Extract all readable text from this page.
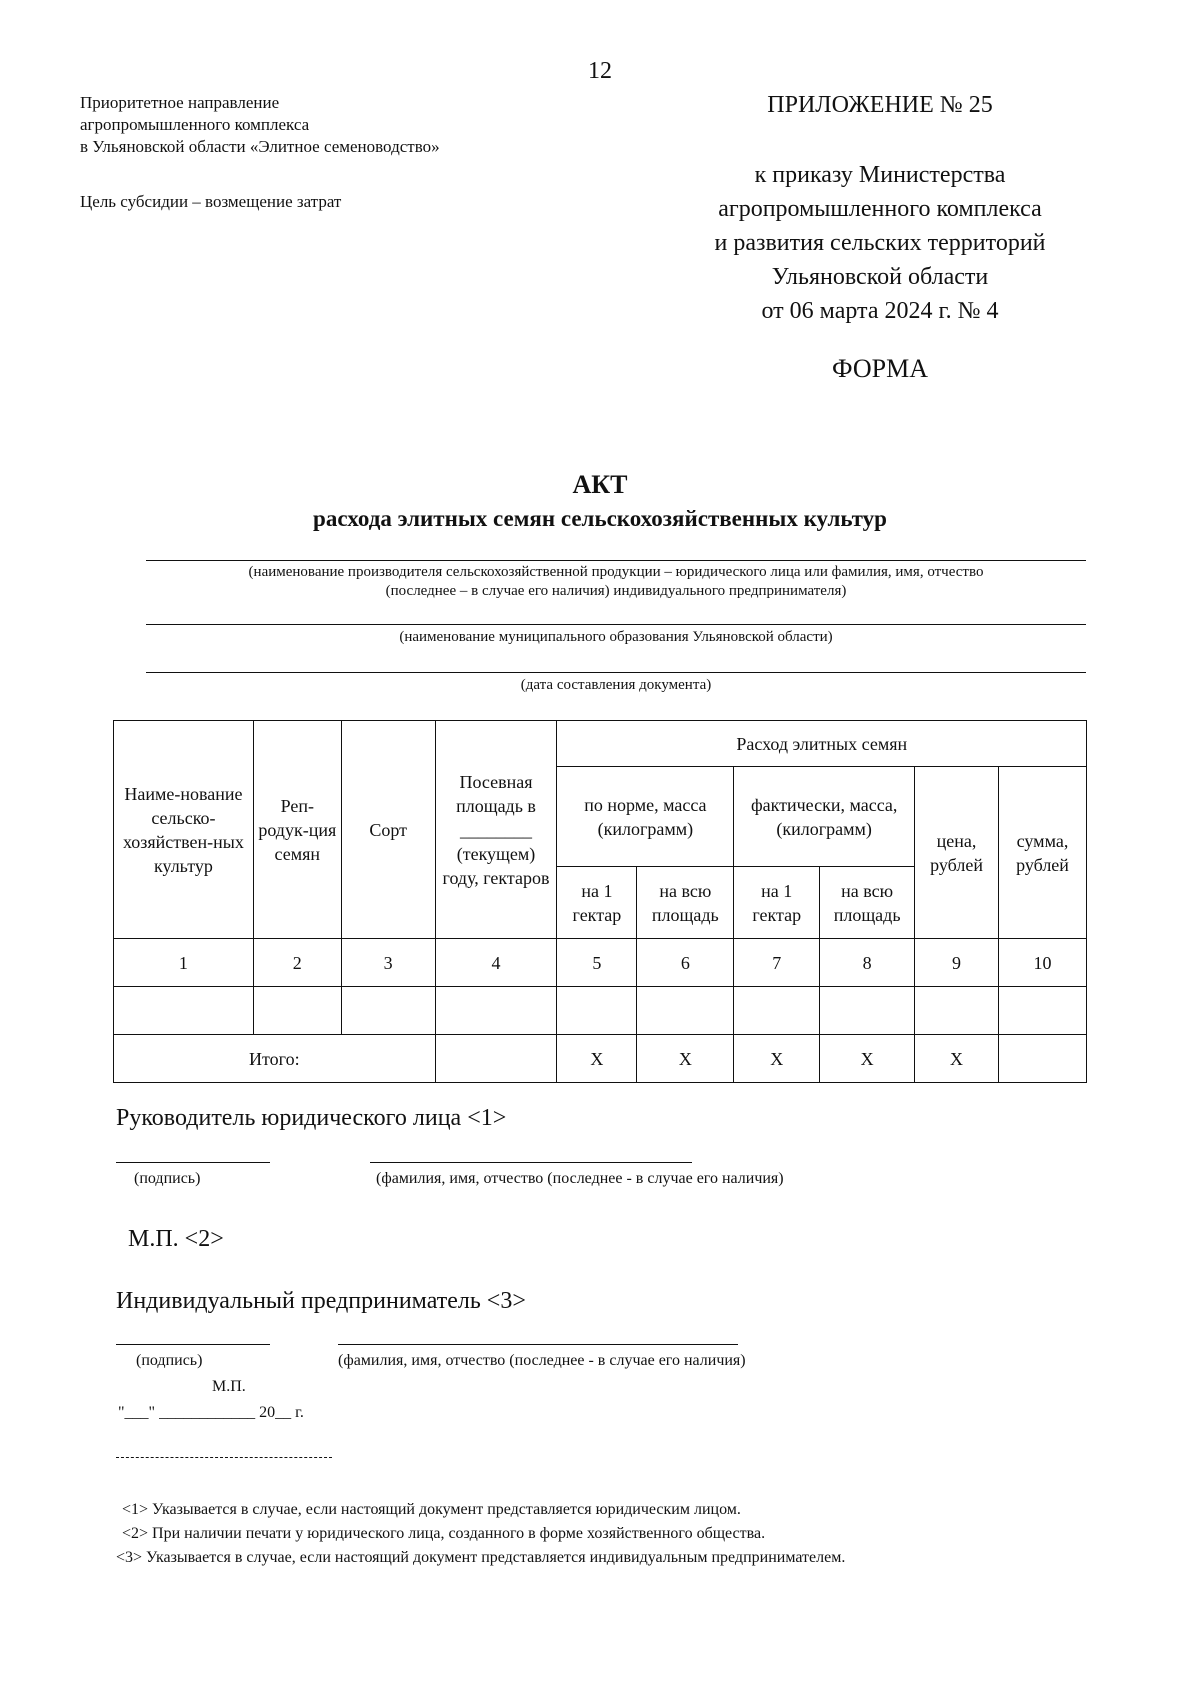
12
Приоритетное направление
агропромышленного комплекса
в Ульяновской области «Элитное семеноводство»
Цель субсидии – возмещение затрат
ПРИЛОЖЕНИЕ № 25
к приказу Министерства
агропромышленного комплекса
и развития сельских территорий
Ульяновской области
от 06 марта 2024 г. № 4
ФОРМА
АКТ
расхода элитных семян сельскохозяйственных культур
(наименование производителя сельскохозяйственной продукции – юридического лица или фамилия, имя, отчество
(последнее – в случае его наличия) индивидуального предпринимателя)
(наименование муниципального образования Ульяновской области)
(дата составления документа)
Наиме-нование сельско-хозяйствен-ных культур	Реп-родук-ция семян	Сорт	Посевная площадь в ________ (текущем) году, гектаров	Расход элитных семян					
				по норме, масса (килограмм)		фактически, масса, (килограмм)		цена, рублей	сумма, рублей
				на 1 гектар	на всю площадь	на 1 гектар	на всю площадь		
1	2	3	4	5	6	7	8	9	10

Итого:				X	X	X	X	X	
Руководитель юридического лица <1>
(подпись)	(фамилия, имя, отчество (последнее - в случае его наличия)
М.П. <2>
Индивидуальный предприниматель <3>
(подпись)	(фамилия, имя, отчество (последнее - в случае его наличия)
М.П.
"___" ____________ 20__ г.
<1> Указывается в случае, если настоящий документ представляется юридическим лицом.
<2> При наличии печати у юридического лица, созданного в форме хозяйственного общества.
<3> Указывается в случае, если настоящий документ представляется индивидуальным предпринимателем.
